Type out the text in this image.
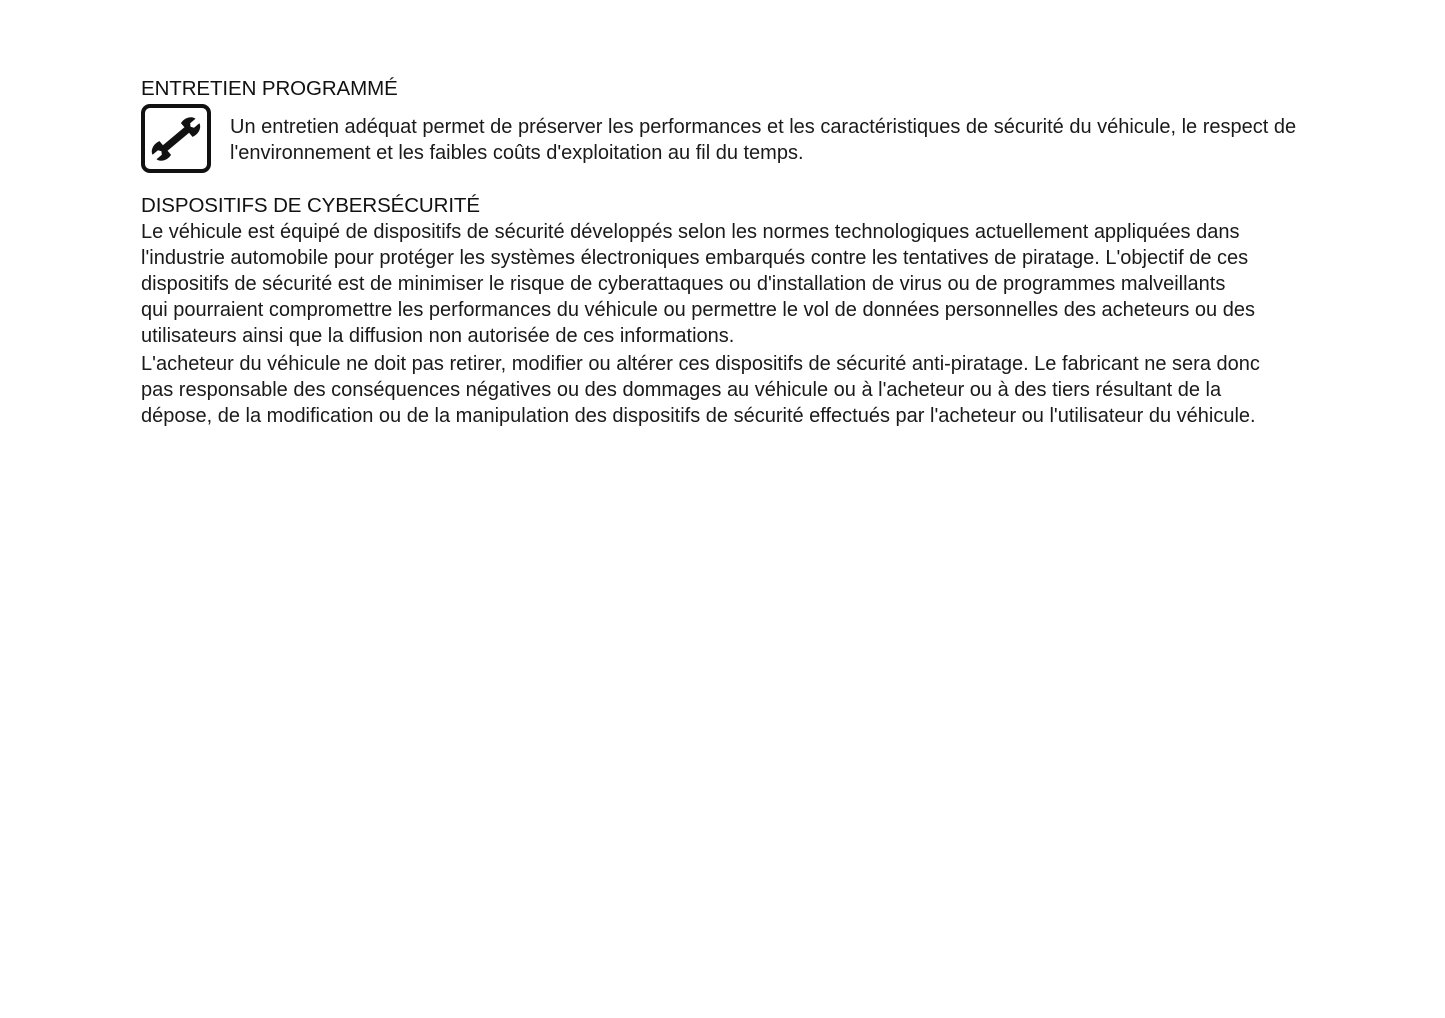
ENTRETIEN PROGRAMMÉ

Un entretien adéquat permet de préserver les performances et les caractéristiques de sécurité du véhicule, le respect de
l'environnement et les faibles coûts d'exploitation au fil du temps.

DISPOSITIFS DE CYBERSÉCURITÉ

Le véhicule est équipé de dispositifs de sécurité développés selon les normes technologiques actuellement appliquées dans
l'industrie automobile pour protéger les systèmes électroniques embarqués contre les tentatives de piratage. L'objectif de ces
dispositifs de sécurité est de minimiser le risque de cyberattaques ou d'installation de virus ou de programmes malveillants
qui pourraient compromettre les performances du véhicule ou permettre le vol de données personnelles des acheteurs ou des
utilisateurs ainsi que la diffusion non autorisée de ces informations.

L'acheteur du véhicule ne doit pas retirer, modifier ou altérer ces dispositifs de sécurité anti-piratage. Le fabricant ne sera donc
pas responsable des conséquences négatives ou des dommages au véhicule ou à l'acheteur ou à des tiers résultant de la
dépose, de la modification ou de la manipulation des dispositifs de sécurité effectués par l'acheteur ou l'utilisateur du véhicule.
